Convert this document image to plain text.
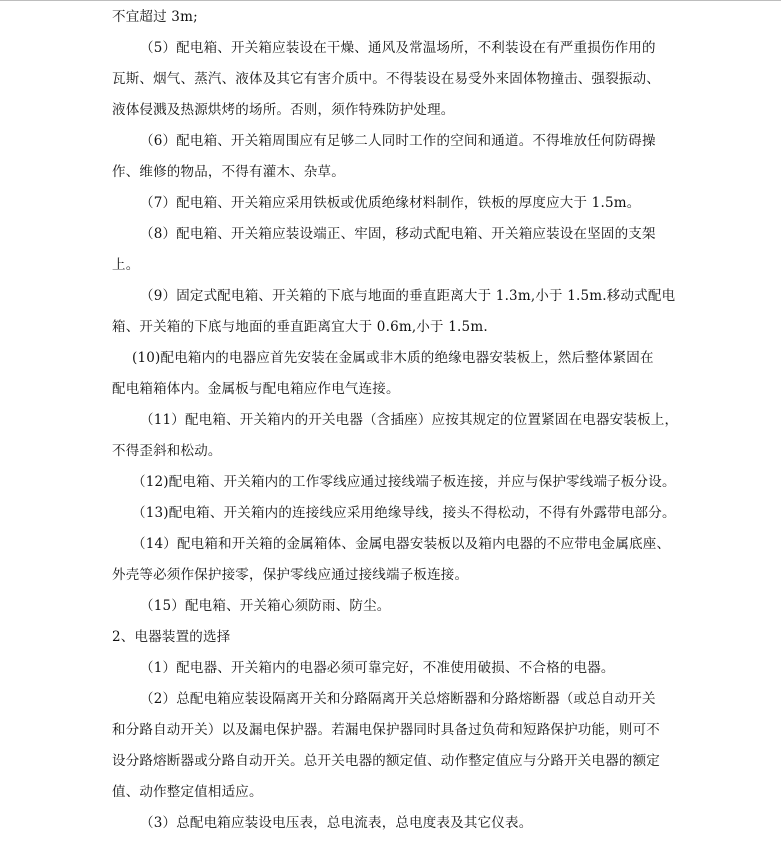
不宜超过 3m;
（5）配电箱、开关箱应装设在干燥、通风及常温场所，不利装设在有严重损伤作用的
瓦斯、烟气、蒸汽、液体及其它有害介质中。不得装设在易受外来固体物撞击、强裂振动、
液体侵溅及热源烘烤的场所。否则，须作特殊防护处理。
（6）配电箱、开关箱周围应有足够二人同时工作的空间和通道。不得堆放任何防碍操
作、维修的物品，不得有灌木、杂草。
（7）配电箱、开关箱应采用铁板或优质绝缘材料制作，铁板的厚度应大于 1.5m。
（8）配电箱、开关箱应装设端正、牢固，移动式配电箱、开关箱应装设在坚固的支架
上。
（9）固定式配电箱、开关箱的下底与地面的垂直距离大于 1.3m,小于 1.5m.移动式配电
箱、开关箱的下底与地面的垂直距离宜大于 0.6m,小于 1.5m.
(10)配电箱内的电器应首先安装在金属或非木质的绝缘电器安装板上，然后整体紧固在
配电箱箱体内。金属板与配电箱应作电气连接。
（11）配电箱、开关箱内的开关电器（含插座）应按其规定的位置紧固在电器安装板上，
不得歪斜和松动。
（12)配电箱、开关箱内的工作零线应通过接线端子板连接，并应与保护零线端子板分设。
（13)配电箱、开关箱内的连接线应采用绝缘导线，接头不得松动，不得有外露带电部分。
（14）配电箱和开关箱的金属箱体、金属电器安装板以及箱内电器的不应带电金属底座、
外壳等必须作保护接零，保护零线应通过接线端子板连接。
（15）配电箱、开关箱心须防雨、防尘。
2、电器装置的选择
（1）配电器、开关箱内的电器必须可靠完好，不准使用破损、不合格的电器。
（2）总配电箱应装设隔离开关和分路隔离开关总熔断器和分路熔断器（或总自动开关
和分路自动开关）以及漏电保护器。若漏电保护器同时具备过负荷和短路保护功能，则可不
设分路熔断器或分路自动开关。总开关电器的额定值、动作整定值应与分路开关电器的额定
值、动作整定值相适应。
（3）总配电箱应装设电压表，总电流表，总电度表及其它仪表。
